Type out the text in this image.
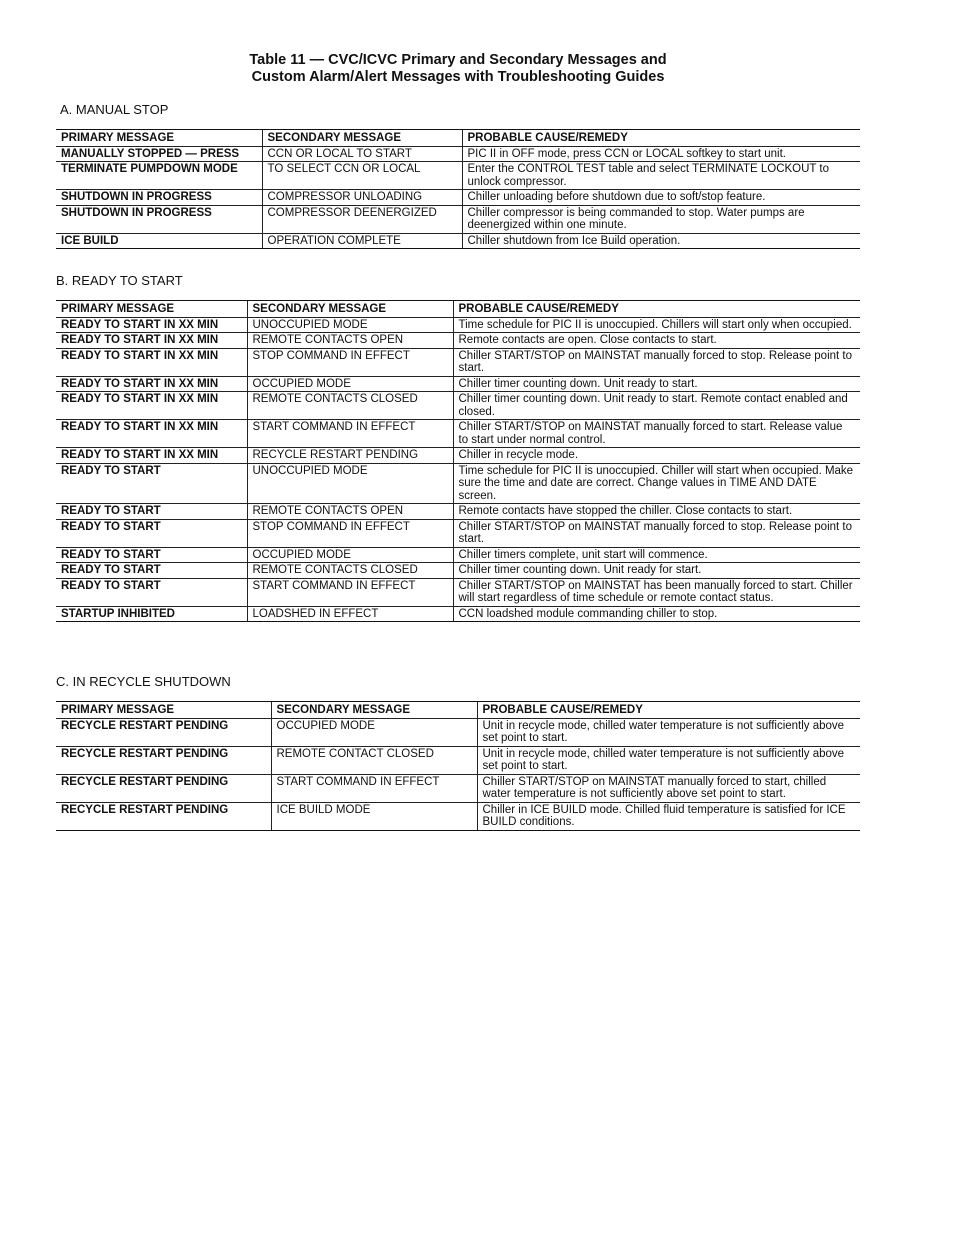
Table 11 — CVC/ICVC Primary and Secondary Messages and
Custom Alarm/Alert Messages with Troubleshooting Guides
A. MANUAL STOP
PRIMARY MESSAGE	SECONDARY MESSAGE	PROBABLE CAUSE/REMEDY
MANUALLY STOPPED — PRESS	CCN OR LOCAL TO START	PIC II in OFF mode, press CCN or LOCAL softkey to start unit.
TERMINATE PUMPDOWN MODE	TO SELECT CCN OR LOCAL	Enter the CONTROL TEST table and select TERMINATE LOCKOUT to unlock compressor.
SHUTDOWN IN PROGRESS	COMPRESSOR UNLOADING	Chiller unloading before shutdown due to soft/stop feature.
SHUTDOWN IN PROGRESS	COMPRESSOR DEENERGIZED	Chiller compressor is being commanded to stop. Water pumps are deenergized within one minute.
ICE BUILD	OPERATION COMPLETE	Chiller shutdown from Ice Build operation.
B. READY TO START
PRIMARY MESSAGE	SECONDARY MESSAGE	PROBABLE CAUSE/REMEDY
READY TO START IN XX MIN	UNOCCUPIED MODE	Time schedule for PIC II is unoccupied. Chillers will start only when occupied.
READY TO START IN XX MIN	REMOTE CONTACTS OPEN	Remote contacts are open. Close contacts to start.
READY TO START IN XX MIN	STOP COMMAND IN EFFECT	Chiller START/STOP on MAINSTAT manually forced to stop. Release point to start.
READY TO START IN XX MIN	OCCUPIED MODE	Chiller timer counting down. Unit ready to start.
READY TO START IN XX MIN	REMOTE CONTACTS CLOSED	Chiller timer counting down. Unit ready to start. Remote contact enabled and closed.
READY TO START IN XX MIN	START COMMAND IN EFFECT	Chiller START/STOP on MAINSTAT manually forced to start. Release value to start under normal control.
READY TO START IN XX MIN	RECYCLE RESTART PENDING	Chiller in recycle mode.
READY TO START	UNOCCUPIED MODE	Time schedule for PIC II is unoccupied. Chiller will start when occupied. Make sure the time and date are correct. Change values in TIME AND DATE screen.
READY TO START	REMOTE CONTACTS OPEN	Remote contacts have stopped the chiller. Close contacts to start.
READY TO START	STOP COMMAND IN EFFECT	Chiller START/STOP on MAINSTAT manually forced to stop. Release point to start.
READY TO START	OCCUPIED MODE	Chiller timers complete, unit start will commence.
READY TO START	REMOTE CONTACTS CLOSED	Chiller timer counting down. Unit ready for start.
READY TO START	START COMMAND IN EFFECT	Chiller START/STOP on MAINSTAT has been manually forced to start. Chiller will start regardless of time schedule or remote contact status.
STARTUP INHIBITED	LOADSHED IN EFFECT	CCN loadshed module commanding chiller to stop.
C. IN RECYCLE SHUTDOWN
PRIMARY MESSAGE	SECONDARY MESSAGE	PROBABLE CAUSE/REMEDY
RECYCLE RESTART PENDING	OCCUPIED MODE	Unit in recycle mode, chilled water temperature is not sufficiently above set point to start.
RECYCLE RESTART PENDING	REMOTE CONTACT CLOSED	Unit in recycle mode, chilled water temperature is not sufficiently above set point to start.
RECYCLE RESTART PENDING	START COMMAND IN EFFECT	Chiller START/STOP on MAINSTAT manually forced to start, chilled water temperature is not sufficiently above set point to start.
RECYCLE RESTART PENDING	ICE BUILD MODE	Chiller in ICE BUILD mode. Chilled fluid temperature is satisfied for ICE BUILD conditions.
